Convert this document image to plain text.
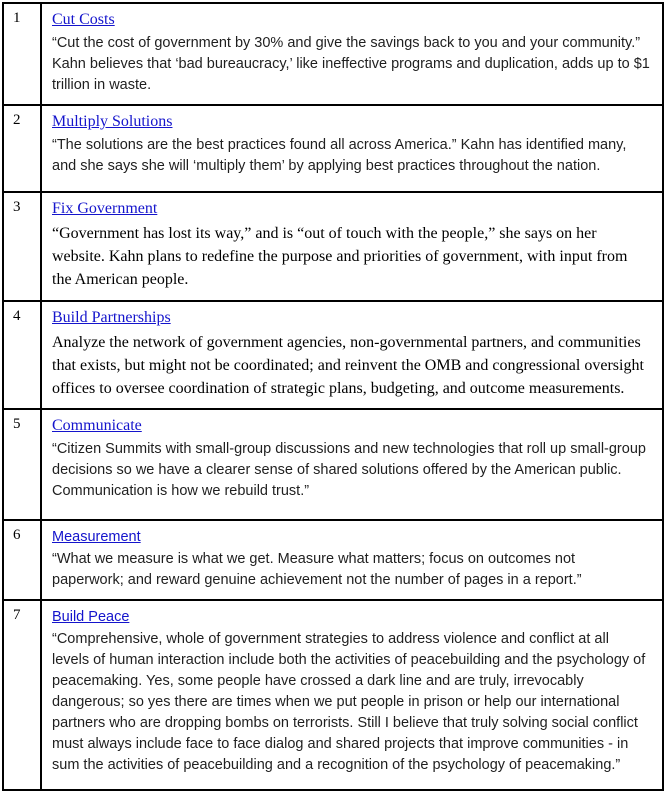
1	Cut Costs
“Cut the cost of government by 30% and give the savings back to you and your community.” Kahn believes that ‘bad bureaucracy,’ like ineffective programs and duplication, adds up to $1 trillion in waste.

2	Multiply Solutions
“The solutions are the best practices found all across America.” Kahn has identified many, and she says she will ‘multiply them’ by applying best practices throughout the nation.

3	Fix Government
“Government has lost its way,” and is “out of touch with the people,” she says on her website. Kahn plans to redefine the purpose and priorities of government, with input from the American people.

4	Build Partnerships
Analyze the network of government agencies, non-governmental partners, and communities that exists, but might not be coordinated; and reinvent the OMB and congressional oversight offices to oversee coordination of strategic plans, budgeting, and outcome measurements.

5	Communicate
“Citizen Summits with small-group discussions and new technologies that roll up small-group decisions so we have a clearer sense of shared solutions offered by the American public. Communication is how we rebuild trust.”

6	Measurement
“What we measure is what we get. Measure what matters; focus on outcomes not paperwork; and reward genuine achievement not the number of pages in a report.”

7	Build Peace
“Comprehensive, whole of government strategies to address violence and conflict at all levels of human interaction include both the activities of peacebuilding and the psychology of peacemaking. Yes, some people have crossed a dark line and are truly, irrevocably dangerous; so yes there are times when we put people in prison or help our international partners who are dropping bombs on terrorists. Still I believe that truly solving social conflict must always include face to face dialog and shared projects that improve communities - in sum the activities of peacebuilding and a recognition of the psychology of peacemaking.”
